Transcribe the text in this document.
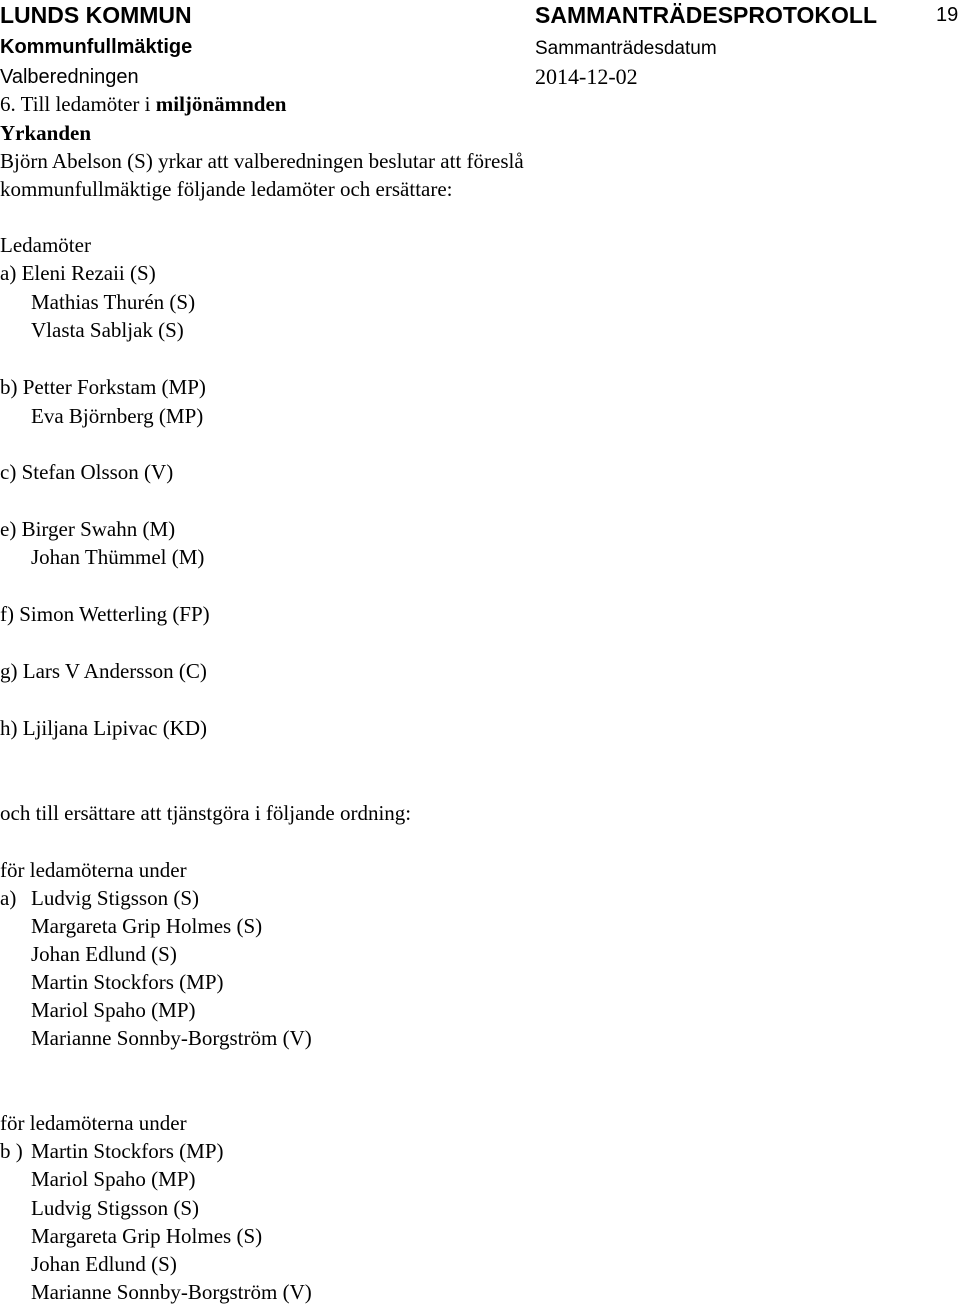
LUNDS KOMMUN	SAMMANTRÄDESPROTOKOLL	19
Kommunfullmäktige	Sammanträdesdatum
Valberedningen	2014-12-02
6. Till ledamöter i miljönämnden
Yrkanden
Björn Abelson (S) yrkar att valberedningen beslutar att föreslå
kommunfullmäktige följande ledamöter och ersättare:
Ledamöter
a) Eleni Rezaii (S)
Mathias Thurén (S)
Vlasta Sabljak (S)
b) Petter Forkstam (MP)
Eva Björnberg (MP)
c) Stefan Olsson (V)
e) Birger Swahn (M)
Johan Thümmel (M)
f) Simon Wetterling (FP)
g) Lars V Andersson (C)
h) Ljiljana Lipivac (KD)
och till ersättare att tjänstgöra i följande ordning:
för ledamöterna under
a) Ludvig Stigsson (S)
Margareta Grip Holmes (S)
Johan Edlund (S)
Martin Stockfors (MP)
Mariol Spaho (MP)
Marianne Sonnby-Borgström (V)
för ledamöterna under
b ) Martin Stockfors (MP)
Mariol Spaho (MP)
Ludvig Stigsson (S)
Margareta Grip Holmes (S)
Johan Edlund (S)
Marianne Sonnby-Borgström (V)
